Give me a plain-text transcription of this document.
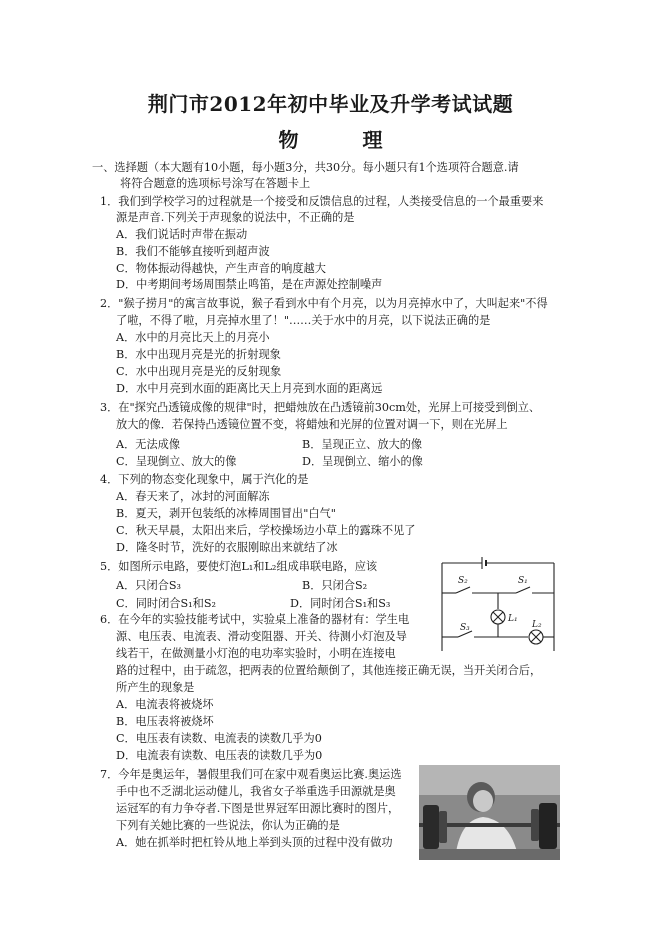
荆门市2012年初中毕业及升学考试试题
物　理
一、选择题（本大题有10小题，每小题3分，共30分。每小题只有1个选项符合题意.请
将符合题意的选项标号涂写在答题卡上
1．我们到学校学习的过程就是一个接受和反馈信息的过程，人类接受信息的一个最重要来
源是声音.下列关于声现象的说法中，不正确的是
A．我们说话时声带在振动
B．我们不能够直接听到超声波
C．物体振动得越快，产生声音的响度越大
D．中考期间考场周围禁止鸣笛，是在声源处控制噪声
2．"猴子捞月"的寓言故事说，猴子看到水中有个月亮，以为月亮掉水中了，大叫起来"不得
了啦，不得了啦，月亮掉水里了！"……关于水中的月亮，以下说法正确的是
A．水中的月亮比天上的月亮小
B．水中出现月亮是光的折射现象
C．水中出现月亮是光的反射现象
D．水中月亮到水面的距离比天上月亮到水面的距离远
3．在"探究凸透镜成像的规律"时，把蜡烛放在凸透镜前30cm处，光屏上可接受到倒立、
放大的像．若保持凸透镜位置不变，将蜡烛和光屏的位置对调一下，则在光屏上
A．无法成像	B．呈现正立、放大的像
C．呈现倒立、放大的像	D．呈现倒立、缩小的像
4．下列的物态变化现象中，属于汽化的是
A．春天来了，冰封的河面解冻
B．夏天，剥开包装纸的冰棒周围冒出"白气"
C．秋天早晨，太阳出来后，学校操场边小草上的露珠不见了
D．隆冬时节，洗好的衣服刚晾出来就结了冰
5．如图所示电路，要使灯泡L₁和L₂组成串联电路，应该
A．只闭合S₃	B．只闭合S₂
C．同时闭合S₁和S₂	D．同时闭合S₁和S₃
S₂	S₁
L₁
S₃	L₂
6．在今年的实验技能考试中，实验桌上准备的器材有：学生电
源、电压表、电流表、滑动变阻器、开关、待测小灯泡及导
线若干，在做测量小灯泡的电功率实验时，小明在连接电
路的过程中，由于疏忽，把两表的位置给颠倒了，其他连接正确无误，当开关闭合后，
所产生的现象是
A．电流表将被烧坏
B．电压表将被烧坏
C．电压表有读数、电流表的读数几乎为0
D．电流表有读数、电压表的读数几乎为0
7．今年是奥运年，暑假里我们可在家中观看奥运比赛.奥运选
手中也不乏湖北运动健儿，我省女子举重选手田源就是奥
运冠军的有力争夺者.下图是世界冠军田源比赛时的图片，
下列有关她比赛的一些说法，你认为正确的是
A．她在抓举时把杠铃从地上举到头顶的过程中没有做功
